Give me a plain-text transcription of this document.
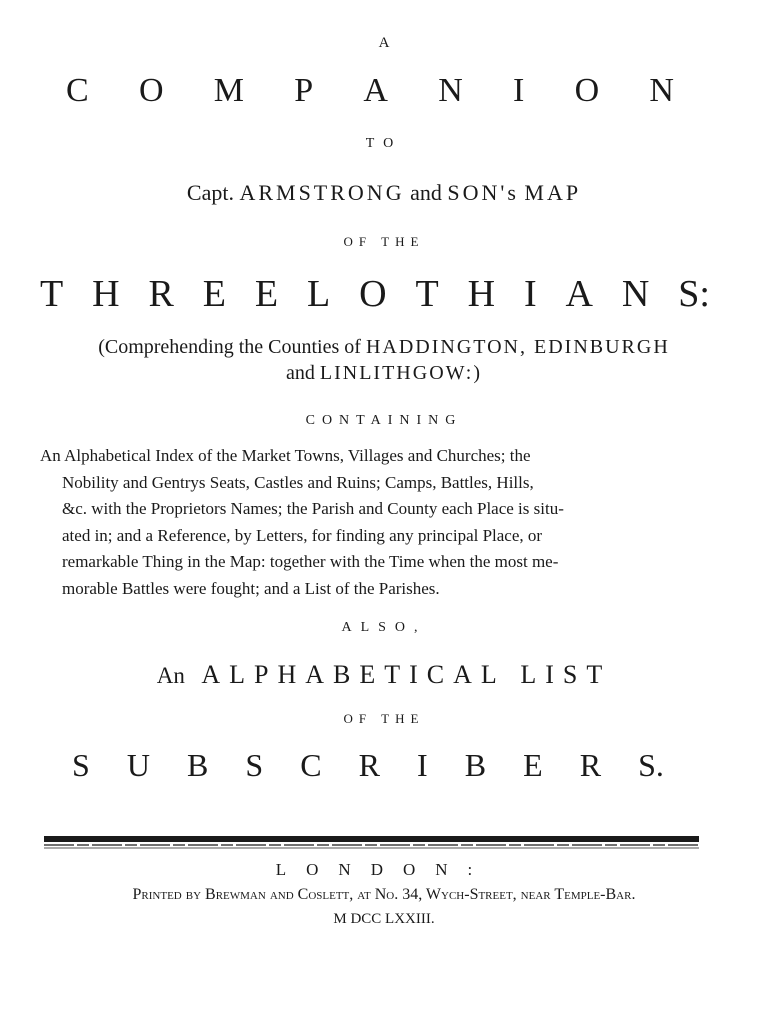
A
C O M P A N I O N
TO
Capt. ARMSTRONG and SON's MAP
OF THE
T H R E E L O T H I A N S:
(Comprehending the Counties of HADDINGTON, EDINBURGH
and LINLITHGOW:)
CONTAINING
An Alphabetical Index of the Market Towns, Villages and Churches; the
Nobility and Gentrys Seats, Castles and Ruins; Camps, Battles, Hills,
&c. with the Proprietors Names; the Parish and County each Place is situ-
ated in; and a Reference, by Letters, for finding any principal Place, or
remarkable Thing in the Map: together with the Time when the most me-
morable Battles were fought; and a List of the Parishes.
ALSO,
An ALPHABETICAL LIST
OF THE
S U B S C R I B E R S.
LONDON:
Printed by Brewman and Coslett, at No. 34, Wych-Street, near Temple-Bar.
M DCC LXXIII.
